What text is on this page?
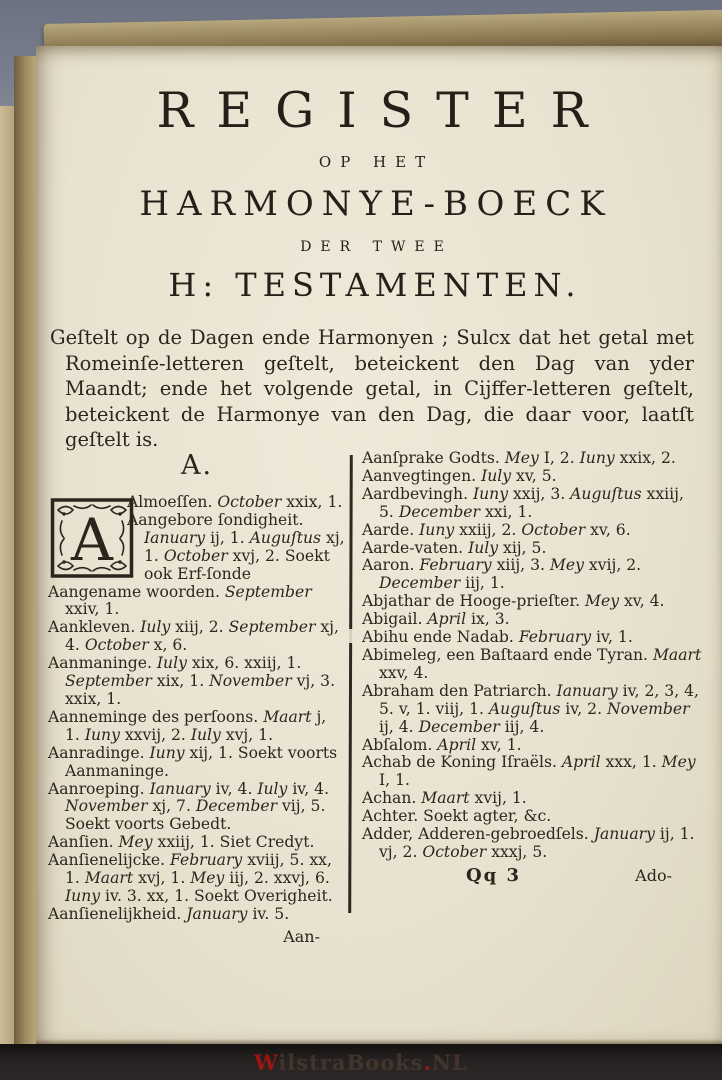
REGISTER
OP HET
HARMONYE-BOECK
DER TWEE
H: TESTAMENTEN.
Geſtelt op de Dagen ende Harmonyen ; Sulcx dat het getal met Romeinſe-letteren geſtelt, beteickent den Dag van yder Maandt; ende het volgende getal, in Cijffer-letteren geſtelt, beteickent de Harmonye van den Dag, die daar voor, laatſt geſtelt is.
A.
A
Almoeſſen. October xxix, 1.
Aangebore ſondigheit. Ianuary ij, 1. Auguſtus xj, 1. October xvj, 2. Soekt ook Erf-ſonde
Aangename woorden. September xxiv, 1.
Aankleven. Iuly xiij, 2. September xj, 4. October x, 6.
Aanmaninge. Iuly xix, 6. xxiij, 1. September xix, 1. November vj, 3. xxix, 1.
Aanneminge des perſoons. Maart j, 1. Iuny xxvij, 2. Iuly xvj, 1.
Aanradinge. Iuny xij, 1. Soekt voorts Aanmaninge.
Aanroeping. Ianuary iv, 4. Iuly iv, 4. November xj, 7. December vij, 5. Soekt voorts Gebedt.
Aanſien. Mey xxiij, 1. Siet Credyt.
Aanſienelijcke. February xviij, 5. xx, 1. Maart xvj, 1. Mey iij, 2. xxvj, 6. Iuny iv. 3. xx, 1. Soekt Overigheit.
Aanſienelijkheid. January iv. 5.
Aan-
Aanſprake Godts. Mey I, 2. Iuny xxix, 2.
Aanvegtingen. Iuly xv, 5.
Aardbevingh. Iuny xxij, 3. Auguſtus xxiij, 5. December xxi, 1.
Aarde. Iuny xxiij, 2. October xv, 6.
Aarde-vaten. Iuly xij, 5.
Aaron. February xiij, 3. Mey xvij, 2. December iij, 1.
Abjathar de Hooge-prieſter. Mey xv, 4.
Abigail. April ix, 3.
Abihu ende Nadab. February iv, 1.
Abimeleg, een Baſtaard ende Tyran. Maart xxv, 4.
Abraham den Patriarch. Ianuary iv, 2, 3, 4, 5. v, 1. viij, 1. Auguſtus iv, 2. November ij, 4. December iij, 4.
Abſalom. April xv, 1.
Achab de Koning Iſraëls. April xxx, 1. Mey I, 1.
Achan. Maart xvij, 1.
Achter. Soekt agter, &c.
Adder, Adderen-gebroedſels. January ij, 1. vj, 2. October xxxj, 5.
Qq 3	Ado-
WilstraBooks.NL
